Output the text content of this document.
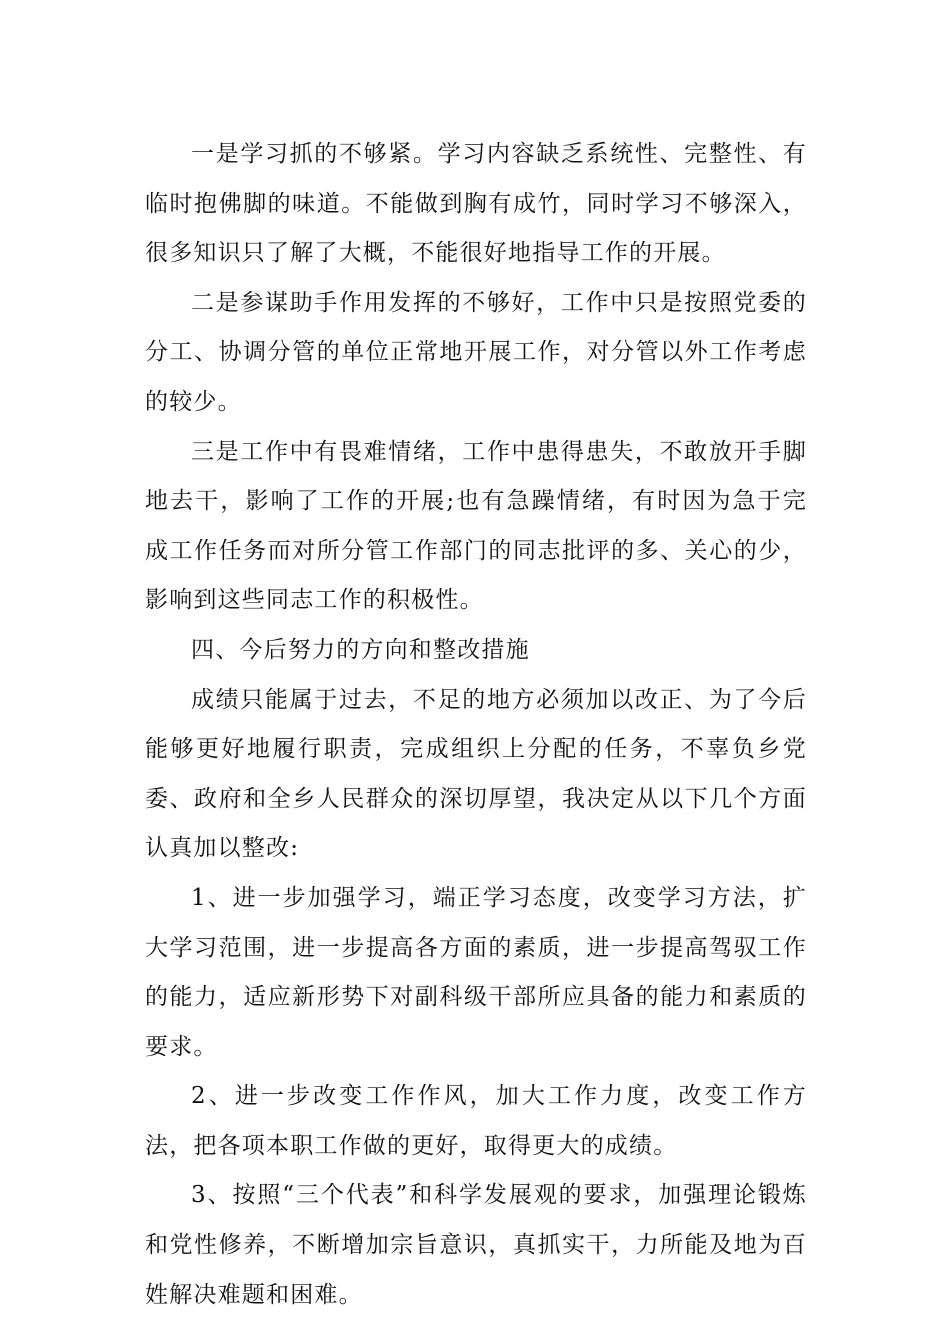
一是学习抓的不够紧。学习内容缺乏系统性、完整性、有临时抱佛脚的味道。不能做到胸有成竹，同时学习不够深入，很多知识只了解了大概，不能很好地指导工作的开展。

二是参谋助手作用发挥的不够好，工作中只是按照党委的分工、协调分管的单位正常地开展工作，对分管以外工作考虑的较少。

三是工作中有畏难情绪，工作中患得患失，不敢放开手脚地去干，影响了工作的开展;也有急躁情绪，有时因为急于完成工作任务而对所分管工作部门的同志批评的多、关心的少，影响到这些同志工作的积极性。

四、今后努力的方向和整改措施

成绩只能属于过去，不足的地方必须加以改正、为了今后能够更好地履行职责，完成组织上分配的任务，不辜负乡党委、政府和全乡人民群众的深切厚望，我决定从以下几个方面认真加以整改:

1、进一步加强学习，端正学习态度，改变学习方法，扩大学习范围，进一步提高各方面的素质，进一步提高驾驭工作的能力，适应新形势下对副科级干部所应具备的能力和素质的要求。

2、进一步改变工作作风，加大工作力度，改变工作方法，把各项本职工作做的更好，取得更大的成绩。

3、按照“三个代表”和科学发展观的要求，加强理论锻炼和党性修养，不断增加宗旨意识，真抓实干，力所能及地为百姓解决难题和困难。
